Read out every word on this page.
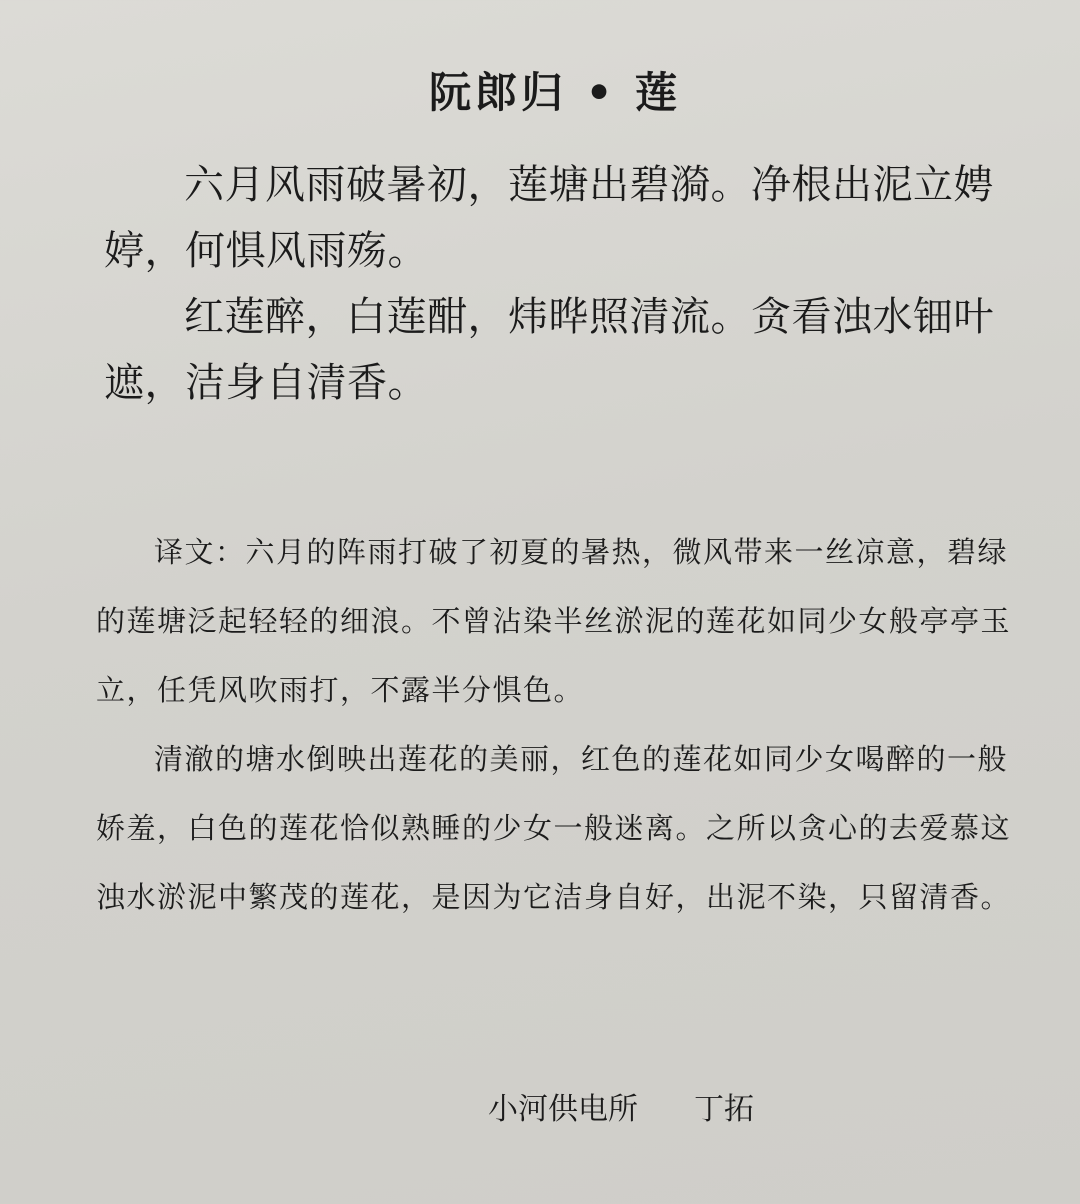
阮郎归 • 莲

六月风雨破暑初，莲塘出碧漪。净根出泥立娉婷，何惧风雨殇。

红莲醉，白莲酣，炜晔照清流。贪看浊水钿叶遮，洁身自清香。

译文：六月的阵雨打破了初夏的暑热，微风带来一丝凉意，碧绿的莲塘泛起轻轻的细浪。不曾沾染半丝淤泥的莲花如同少女般亭亭玉立，任凭风吹雨打，不露半分惧色。

清澈的塘水倒映出莲花的美丽，红色的莲花如同少女喝醉的一般娇羞，白色的莲花恰似熟睡的少女一般迷离。之所以贪心的去爱慕这浊水淤泥中繁茂的莲花，是因为它洁身自好，出泥不染，只留清香。

小河供电所 丁拓
